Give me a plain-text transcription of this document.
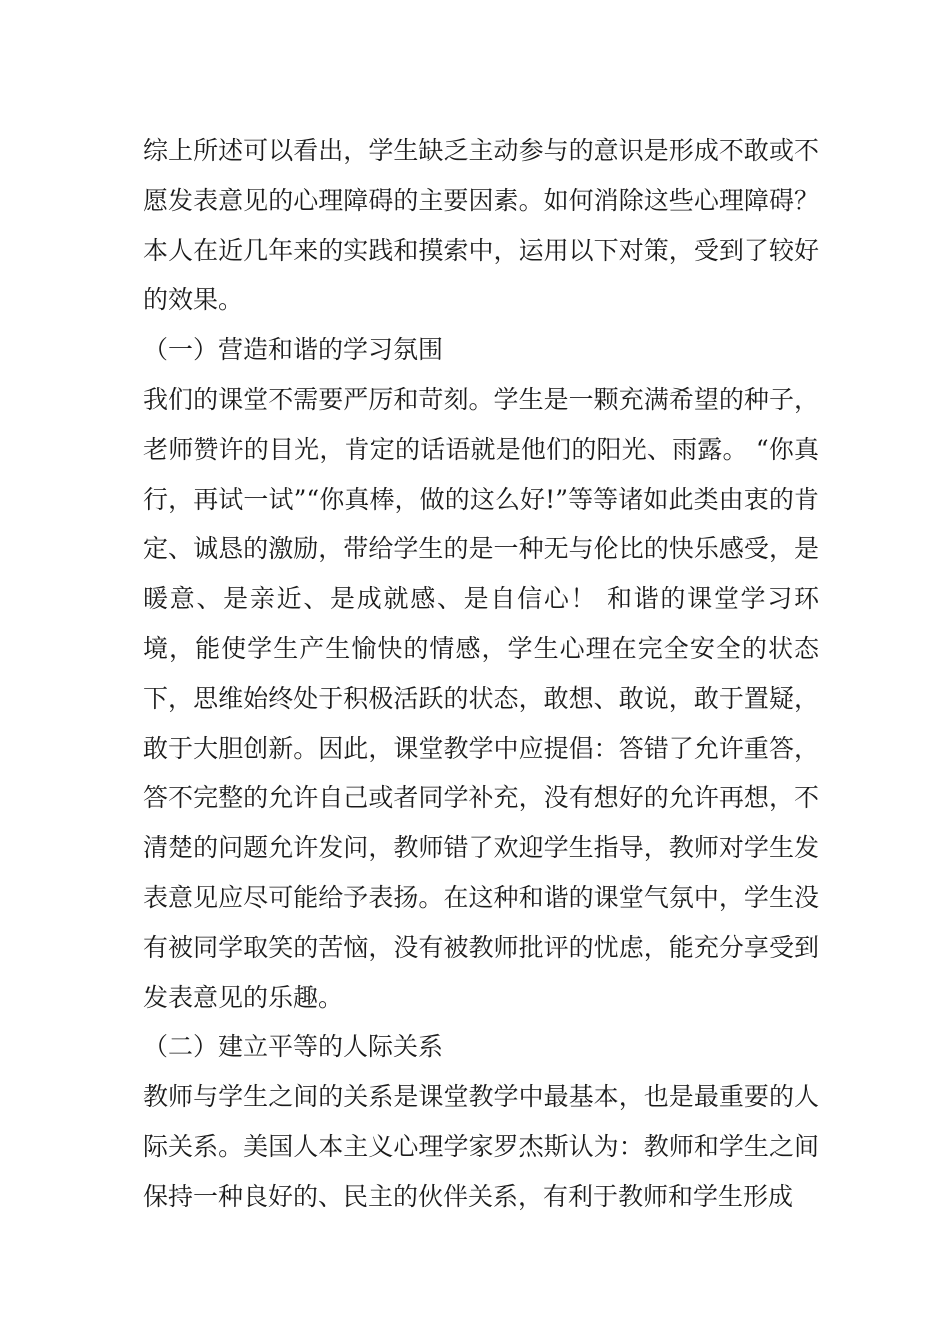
综上所述可以看出，学生缺乏主动参与的意识是形成不敢或不愿发表意见的心理障碍的主要因素。如何消除这些心理障碍？本人在近几年来的实践和摸索中，运用以下对策，受到了较好的效果。

（一）营造和谐的学习氛围

我们的课堂不需要严厉和苛刻。学生是一颗充满希望的种子，老师赞许的目光，肯定的话语就是他们的阳光、雨露。 “你真行，再试一试”“你真棒，做的这么好!”等等诸如此类由衷的肯定、诚恳的激励，带给学生的是一种无与伦比的快乐感受，是暖意、是亲近、是成就感、是自信心！ 和谐的课堂学习环境，能使学生产生愉快的情感，学生心理在完全安全的状态下，思维始终处于积极活跃的状态，敢想、敢说，敢于置疑，敢于大胆创新。因此，课堂教学中应提倡：答错了允许重答，答不完整的允许自己或者同学补充，没有想好的允许再想，不清楚的问题允许发问，教师错了欢迎学生指导，教师对学生发表意见应尽可能给予表扬。在这种和谐的课堂气氛中，学生没有被同学取笑的苦恼，没有被教师批评的忧虑，能充分享受到发表意见的乐趣。

（二）建立平等的人际关系

教师与学生之间的关系是课堂教学中最基本，也是最重要的人际关系。美国人本主义心理学家罗杰斯认为：教师和学生之间保持一种良好的、民主的伙伴关系，有利于教师和学生形成
